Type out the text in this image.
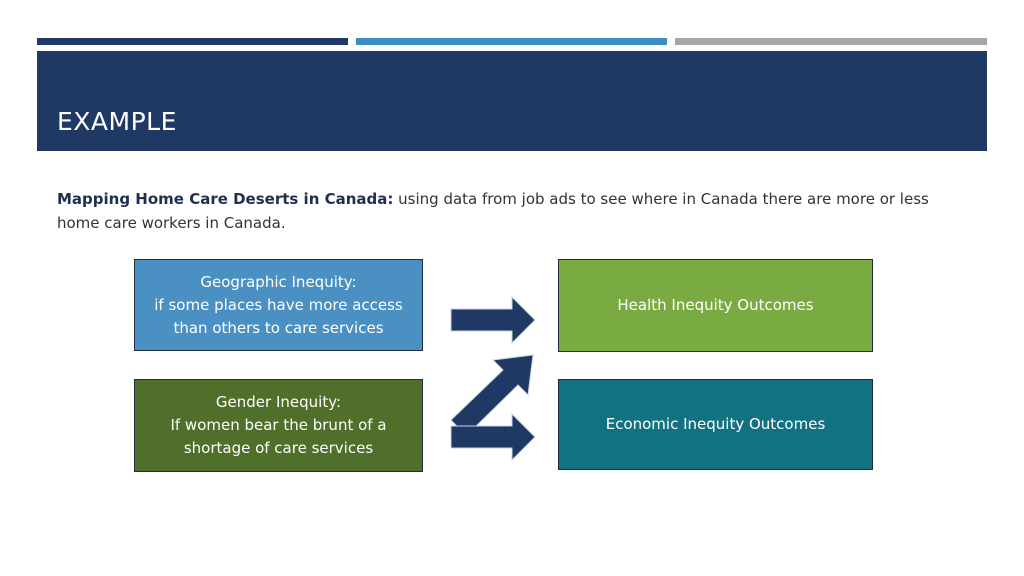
EXAMPLE
Mapping Home Care Deserts in Canada: using data from job ads to see where in Canada there are more or less home care workers in Canada.
Geographic Inequity:
if some places have more access
than others to care services
Gender Inequity:
If women bear the brunt of a
shortage of care services
Health Inequity Outcomes
Economic Inequity Outcomes
